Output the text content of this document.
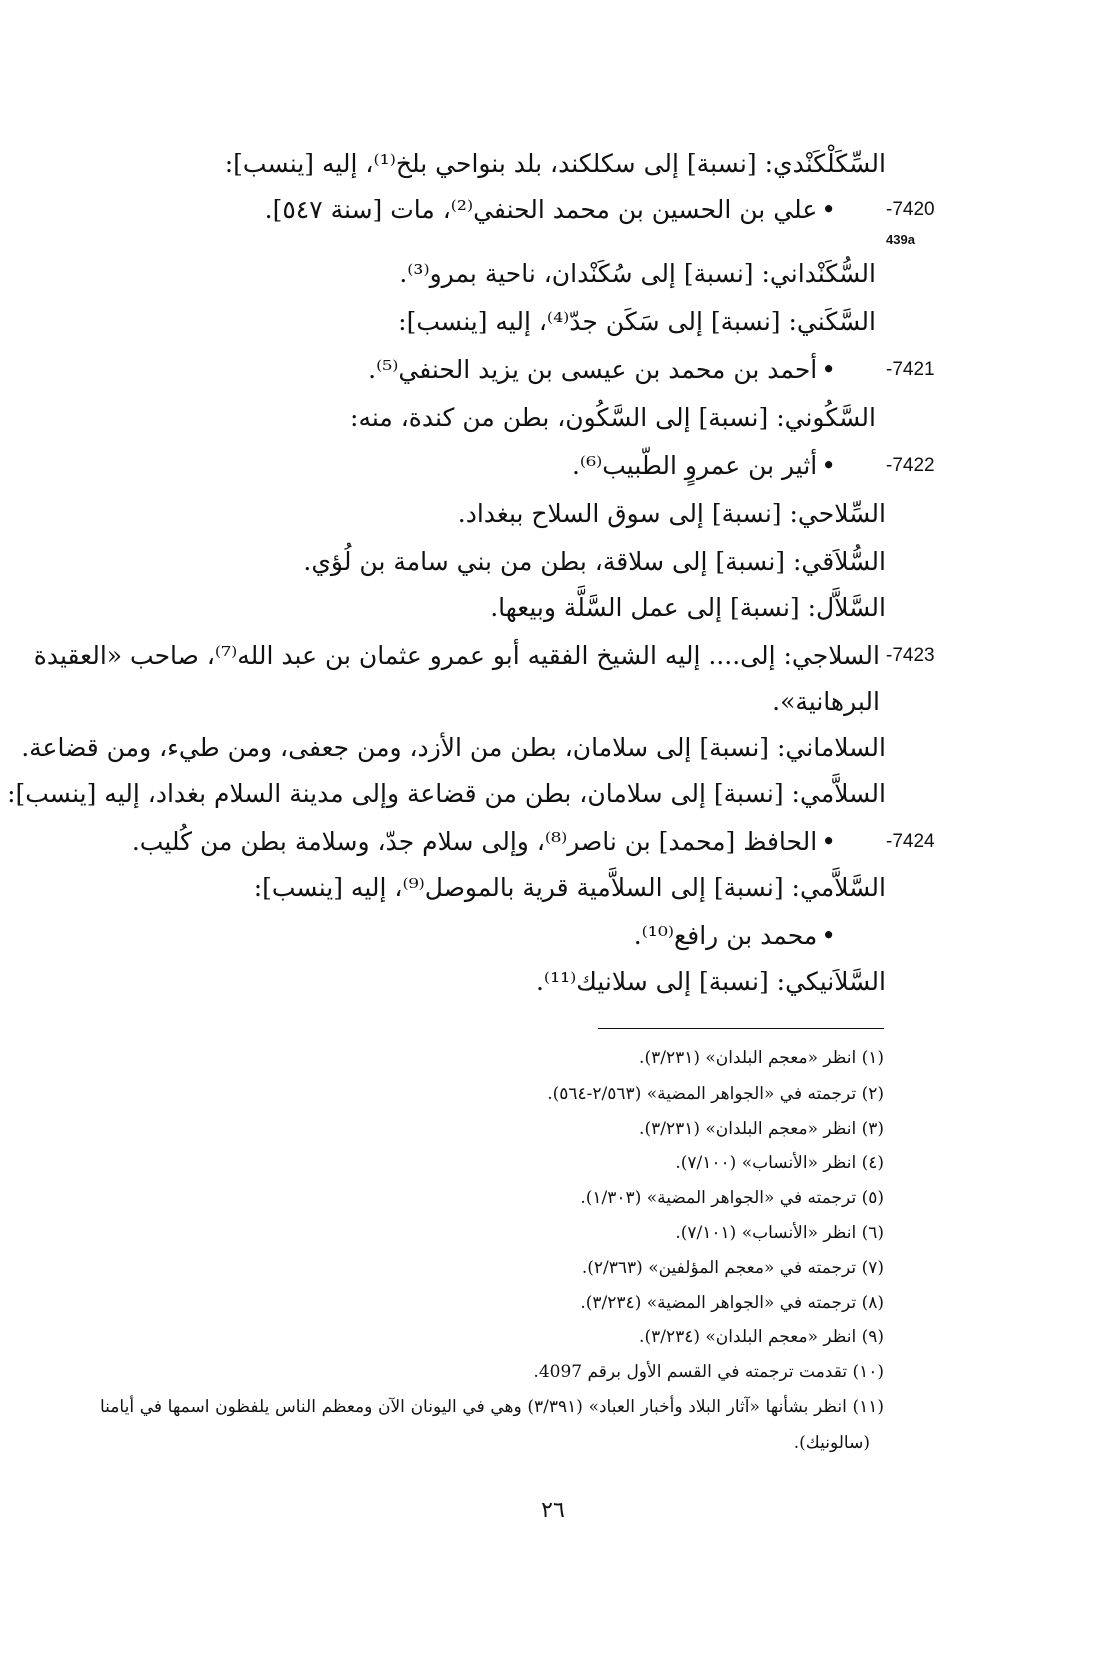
السِّكَلْكَنْدي: [نسبة] إلى سكلكند، بلد بنواحي بلخ⁽¹⁾، إليه [ينسب]:
-7420
•علي بن الحسين بن محمد الحنفي⁽²⁾، مات [سنة ٥٤٧].
439a
السُّكَنْداني: [نسبة] إلى سُكَنْدان، ناحية بمرو⁽³⁾.
السَّكَني: [نسبة] إلى سَكَن جدّ⁽⁴⁾، إليه [ينسب]:
-7421
•أحمد بن محمد بن عيسى بن يزيد الحنفي⁽⁵⁾.
السَّكُوني: [نسبة] إلى السَّكُون، بطن من كندة، منه:
-7422
•أثير بن عمروٍ الطّبيب⁽⁶⁾.
السِّلاحي: [نسبة] إلى سوق السلاح ببغداد.
السُّلاَقي: [نسبة] إلى سلاقة، بطن من بني سامة بن لُؤي.
السَّلاَّل: [نسبة] إلى عمل السَّلَّة وبيعها.
-7423
السلاجي: إلى.... إليه الشيخ الفقيه أبو عمرو عثمان بن عبد الله⁽⁷⁾، صاحب «العقيدة
البرهانية».
السلاماني: [نسبة] إلى سلامان، بطن من الأزد، ومن جعفى، ومن طيء، ومن قضاعة.
السلاَّمي: [نسبة] إلى سلامان، بطن من قضاعة وإلى مدينة السلام بغداد، إليه [ينسب]:
-7424
•الحافظ [محمد] بن ناصر⁽⁸⁾، وإلى سلام جدّ، وسلامة بطن من كُليب.
السَّلاَّمي: [نسبة] إلى السلاَّمية قرية بالموصل⁽⁹⁾، إليه [ينسب]:
•محمد بن رافع⁽¹⁰⁾.
السَّلاَنيكي: [نسبة] إلى سلانيك⁽¹¹⁾.
(١) انظر «معجم البلدان» (٣/٢٣١).
(٢) ترجمته في «الجواهر المضية» (٢/٥٦٣-٥٦٤).
(٣) انظر «معجم البلدان» (٣/٢٣١).
(٤) انظر «الأنساب» (٧/١٠٠).
(٥) ترجمته في «الجواهر المضية» (١/٣٠٣).
(٦) انظر «الأنساب» (٧/١٠١).
(٧) ترجمته في «معجم المؤلفين» (٢/٣٦٣).
(٨) ترجمته في «الجواهر المضية» (٣/٢٣٤).
(٩) انظر «معجم البلدان» (٣/٢٣٤).
(١٠) تقدمت ترجمته في القسم الأول برقم 4097.
(١١) انظر بشأنها «آثار البلاد وأخبار العباد» (٣/٣٩١) وهي في اليونان الآن ومعظم الناس يلفظون اسمها في أيامنا
(سالونيك).
٢٦
